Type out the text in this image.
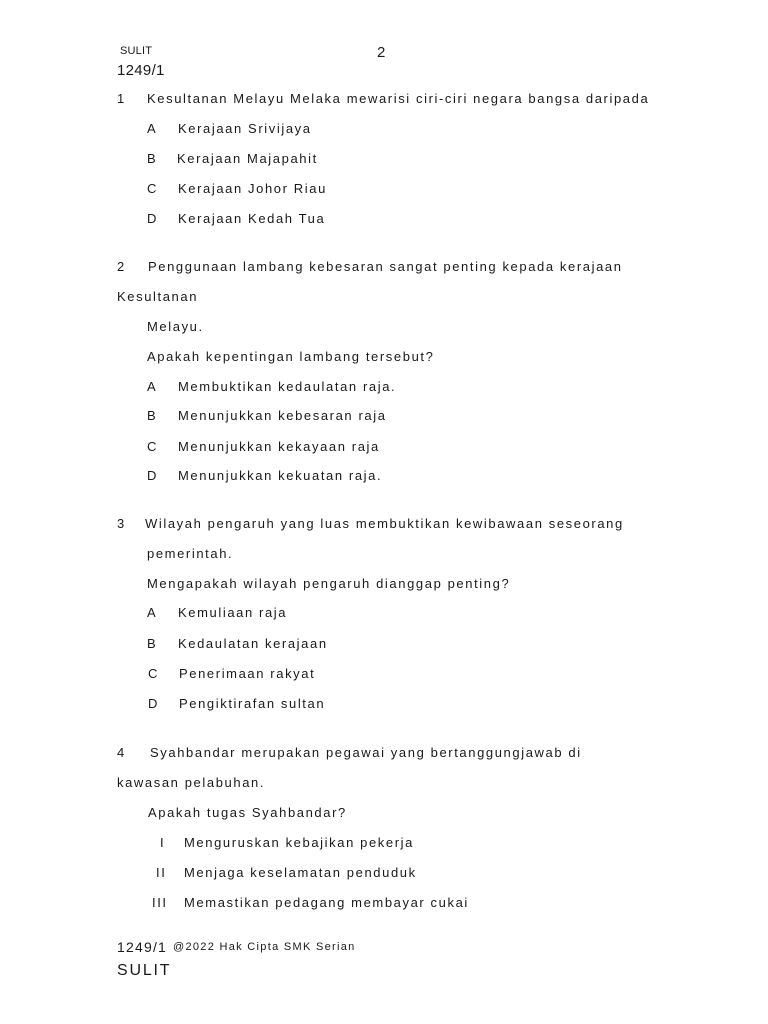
SULIT	2
1249/1
1 Kesultanan Melayu Melaka mewarisi ciri-ciri negara bangsa daripada
A Kerajaan Srivijaya
B Kerajaan Majapahit
C Kerajaan Johor Riau
D Kerajaan Kedah Tua
2 Penggunaan lambang kebesaran sangat penting kepada kerajaan
Kesultanan
Melayu.
Apakah kepentingan lambang tersebut?
A Membuktikan kedaulatan raja.
B Menunjukkan kebesaran raja
C Menunjukkan kekayaan raja
D Menunjukkan kekuatan raja.
3 Wilayah pengaruh yang luas membuktikan kewibawaan seseorang
pemerintah.
Mengapakah wilayah pengaruh dianggap penting?
A Kemuliaan raja
B Kedaulatan kerajaan
C Penerimaan rakyat
D Pengiktirafan sultan
4 Syahbandar merupakan pegawai yang bertanggungjawab di
kawasan pelabuhan.
Apakah tugas Syahbandar?
I Menguruskan kebajikan pekerja
II Menjaga keselamatan penduduk
III Memastikan pedagang membayar cukai
1249/1 @2022 Hak Cipta SMK Serian
SULIT
